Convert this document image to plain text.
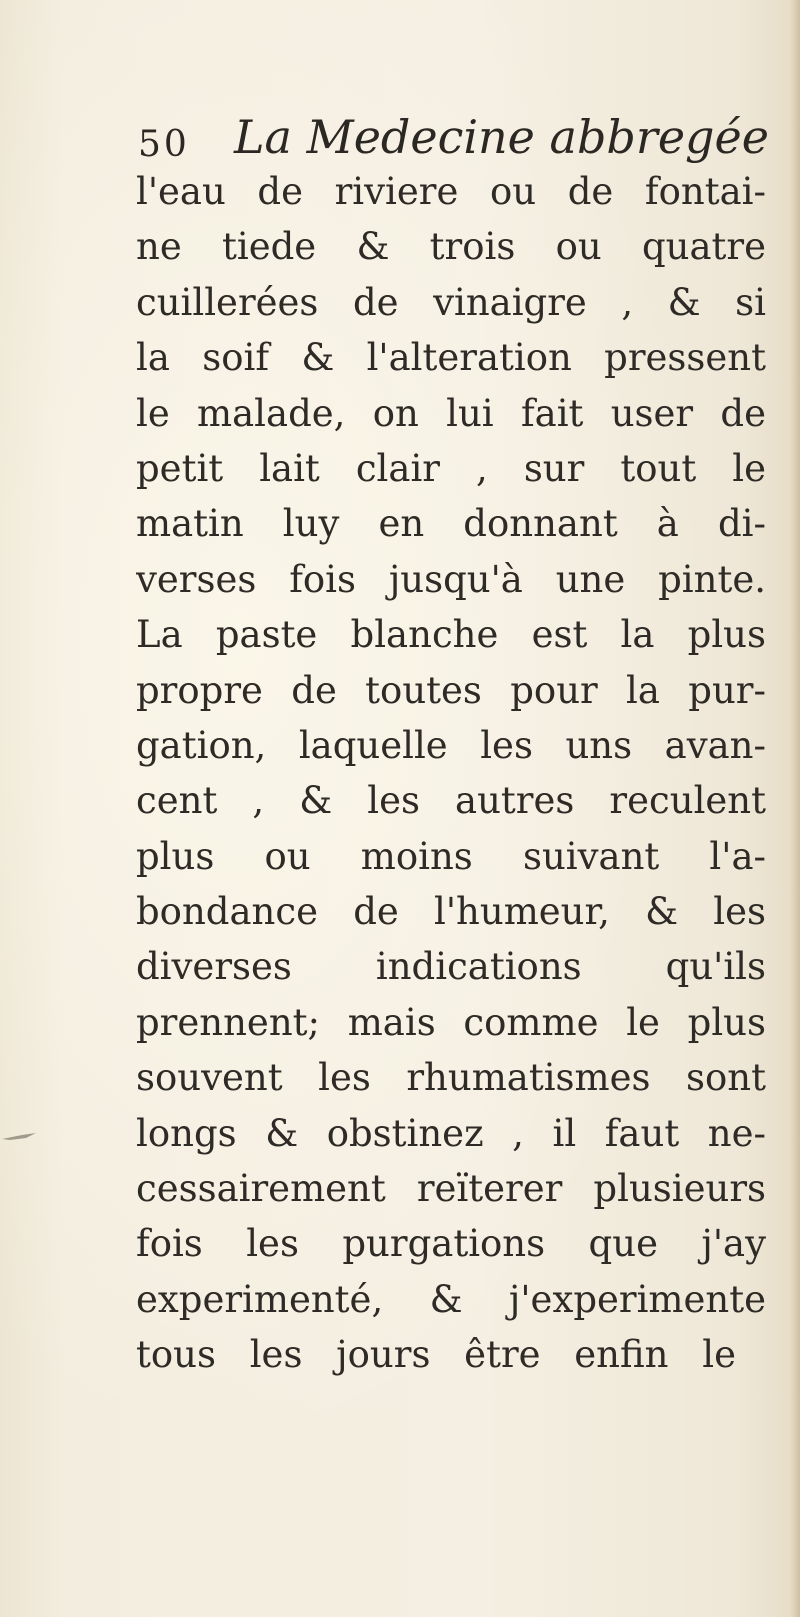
50 La Medecine abbregée
l'eau de riviere ou de fontai-
ne tiede & trois ou quatre
cuillerées de vinaigre , & si
la soif & l'alteration pressent
le malade, on lui fait user de
petit lait clair , sur tout le
matin luy en donnant à di-
verses fois jusqu'à une pinte.
La paste blanche est la plus
propre de toutes pour la pur-
gation, laquelle les uns avan-
cent , & les autres reculent
plus ou moins suivant l'a-
bondance de l'humeur, & les
diverses indications qu'ils
prennent; mais comme le plus
souvent les rhumatismes sont
longs & obstinez , il faut ne-
cessairement reïterer plusieurs
fois les purgations que j'ay
experimenté, & j'experimente
tous les jours être enfin le
